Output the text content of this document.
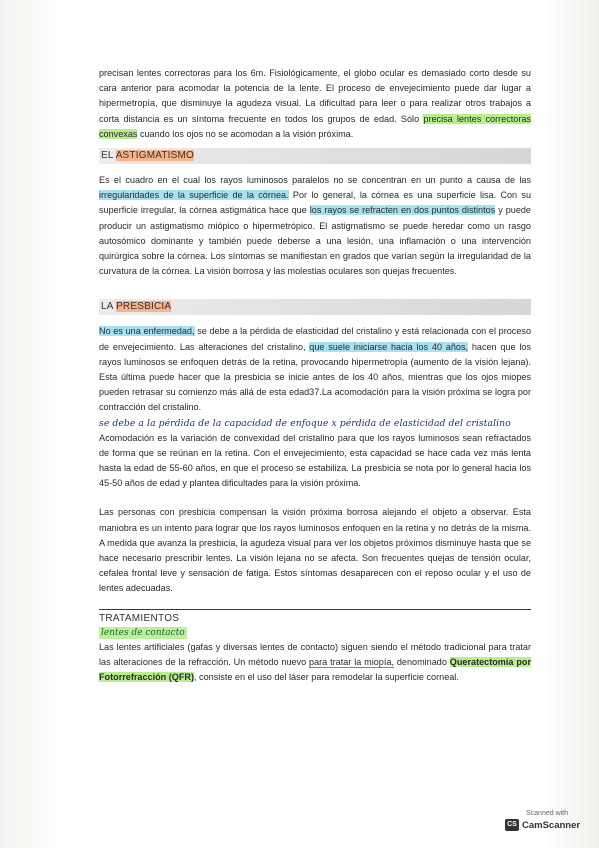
precisan lentes correctoras para los 6m. Fisiológicamente, el globo ocular es demasiado corto desde su cara anterior para acomodar la potencia de la lente. El proceso de envejecimiento puede dar lugar a hipermetropía, que disminuye la agudeza visual. La dificultad para leer o para realizar otros trabajos a corta distancia es un síntoma frecuente en todos los grupos de edad. Sólo precisa lentes correctoras convexas cuando los ojos no se acomodan a la visión próxima.

EL ASTIGMATISMO

Es el cuadro en el cual los rayos luminosos paralelos no se concentran en un punto a causa de las irregularidades de la superficie de la córnea. Por lo general, la córnea es una superficie lisa. Con su superficie irregular, la córnea astigmática hace que los rayos se refracten en dos puntos distintos y puede producir un astigmatismo miópico o hipermetrópico. El astigmatismo se puede heredar como un rasgo autosómico dominante y también puede deberse a una lesión, una inflamación o una intervención quirúrgica sobre la córnea. Los síntomas se manifiestan en grados que varían según la irregularidad de la curvatura de la córnea. La visión borrosa y las molestias oculares son quejas frecuentes.

LA PRESBICIA

No es una enfermedad, se debe a la pérdida de elasticidad del cristalino y está relacionada con el proceso de envejecimiento. Las alteraciones del cristalino, que suele iniciarse hacia los 40 años, hacen que los rayos luminosos se enfoquen detrás de la retina, provocando hipermetropía (aumento de la visión lejana). Esta última puede hacer que la presbicia se inicie antes de los 40 años, mientras que los ojos miopes pueden retrasar su comienzo más allá de esta edad37.La acomodación para la visión próxima se logra por contracción del cristalino.

se debe a la pérdida de la capacidad de enfoque x pérdida de elasticidad del cristalino

Acomodación es la variación de convexidad del cristalino para que los rayos luminosos sean refractados de forma que se reúnan en la retina. Con el envejecimiento, esta capacidad se hace cada vez más lenta hasta la edad de 55-60 años, en que el proceso se estabiliza. La presbicia se nota por lo general hacia los 45-50 años de edad y plantea dificultades para la visión próxima.

Las personas con presbicia compensan la visión próxima borrosa alejando el objeto a observar. Esta maniobra es un intento para lograr que los rayos luminosos enfoquen en la retina y no detrás de la misma. A medida que avanza la presbicia, la agudeza visual para ver los objetos próximos disminuye hasta que se hace necesario prescribir lentes. La visión lejana no se afecta. Son frecuentes quejas de tensión ocular, cefalea frontal leve y sensación de fatiga. Estos síntomas desaparecen con el reposo ocular y el uso de lentes adecuadas.

TRATAMIENTOS
lentes de contacto

Las lentes artificiales (gafas y diversas lentes de contacto) siguen siendo el método tradicional para tratar las alteraciones de la refracción. Un método nuevo para tratar la miopía, denominado Queratectomía por Fotorrefracción (QFR), consiste en el uso del láser para remodelar la superficie corneal.

Scanned with
CS CamScanner
